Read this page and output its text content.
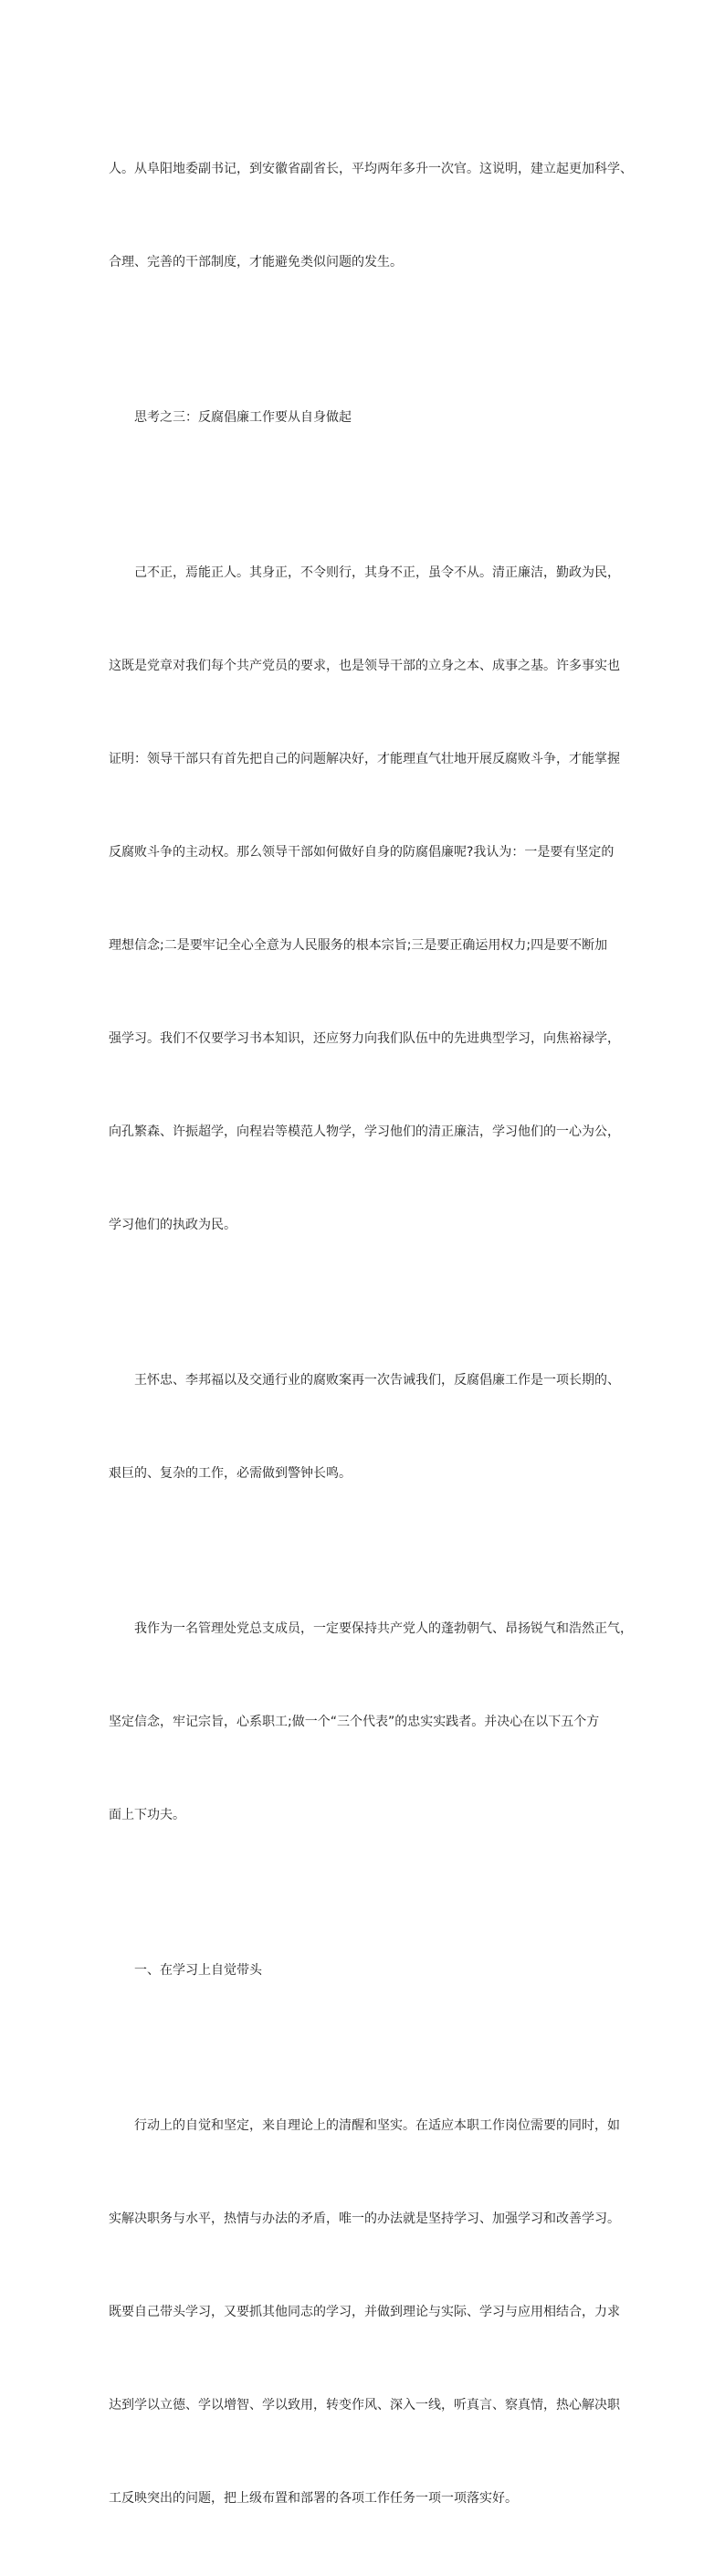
人。从阜阳地委副书记，到安徽省副省长，平均两年多升一次官。这说明，建立起更加科学、

合理、完善的干部制度，才能避免类似问题的发生。

　　思考之三：反腐倡廉工作要从自身做起

　　己不正，焉能正人。其身正，不令则行，其身不正，虽令不从。清正廉洁，勤政为民，

这既是党章对我们每个共产党员的要求，也是领导干部的立身之本、成事之基。许多事实也

证明：领导干部只有首先把自己的问题解决好，才能理直气壮地开展反腐败斗争，才能掌握

反腐败斗争的主动权。那么领导干部如何做好自身的防腐倡廉呢?我认为：一是要有坚定的

理想信念;二是要牢记全心全意为人民服务的根本宗旨;三是要正确运用权力;四是要不断加

强学习。我们不仅要学习书本知识，还应努力向我们队伍中的先进典型学习，向焦裕禄学，

向孔繁森、许振超学，向程岩等模范人物学，学习他们的清正廉洁，学习他们的一心为公，

学习他们的执政为民。

　　王怀忠、李邦福以及交通行业的腐败案再一次告诫我们，反腐倡廉工作是一项长期的、

艰巨的、复杂的工作，必需做到警钟长鸣。

　　我作为一名管理处党总支成员，一定要保持共产党人的蓬勃朝气、昂扬锐气和浩然正气，

坚定信念，牢记宗旨，心系职工;做一个“三个代表”的忠实实践者。并决心在以下五个方

面上下功夫。

　　一、在学习上自觉带头

　　行动上的自觉和坚定，来自理论上的清醒和坚实。在适应本职工作岗位需要的同时，如

实解决职务与水平，热情与办法的矛盾，唯一的办法就是坚持学习、加强学习和改善学习。

既要自己带头学习，又要抓其他同志的学习，并做到理论与实际、学习与应用相结合，力求

达到学以立德、学以增智、学以致用，转变作风、深入一线，听真言、察真情，热心解决职

工反映突出的问题，把上级布置和部署的各项工作任务一项一项落实好。
